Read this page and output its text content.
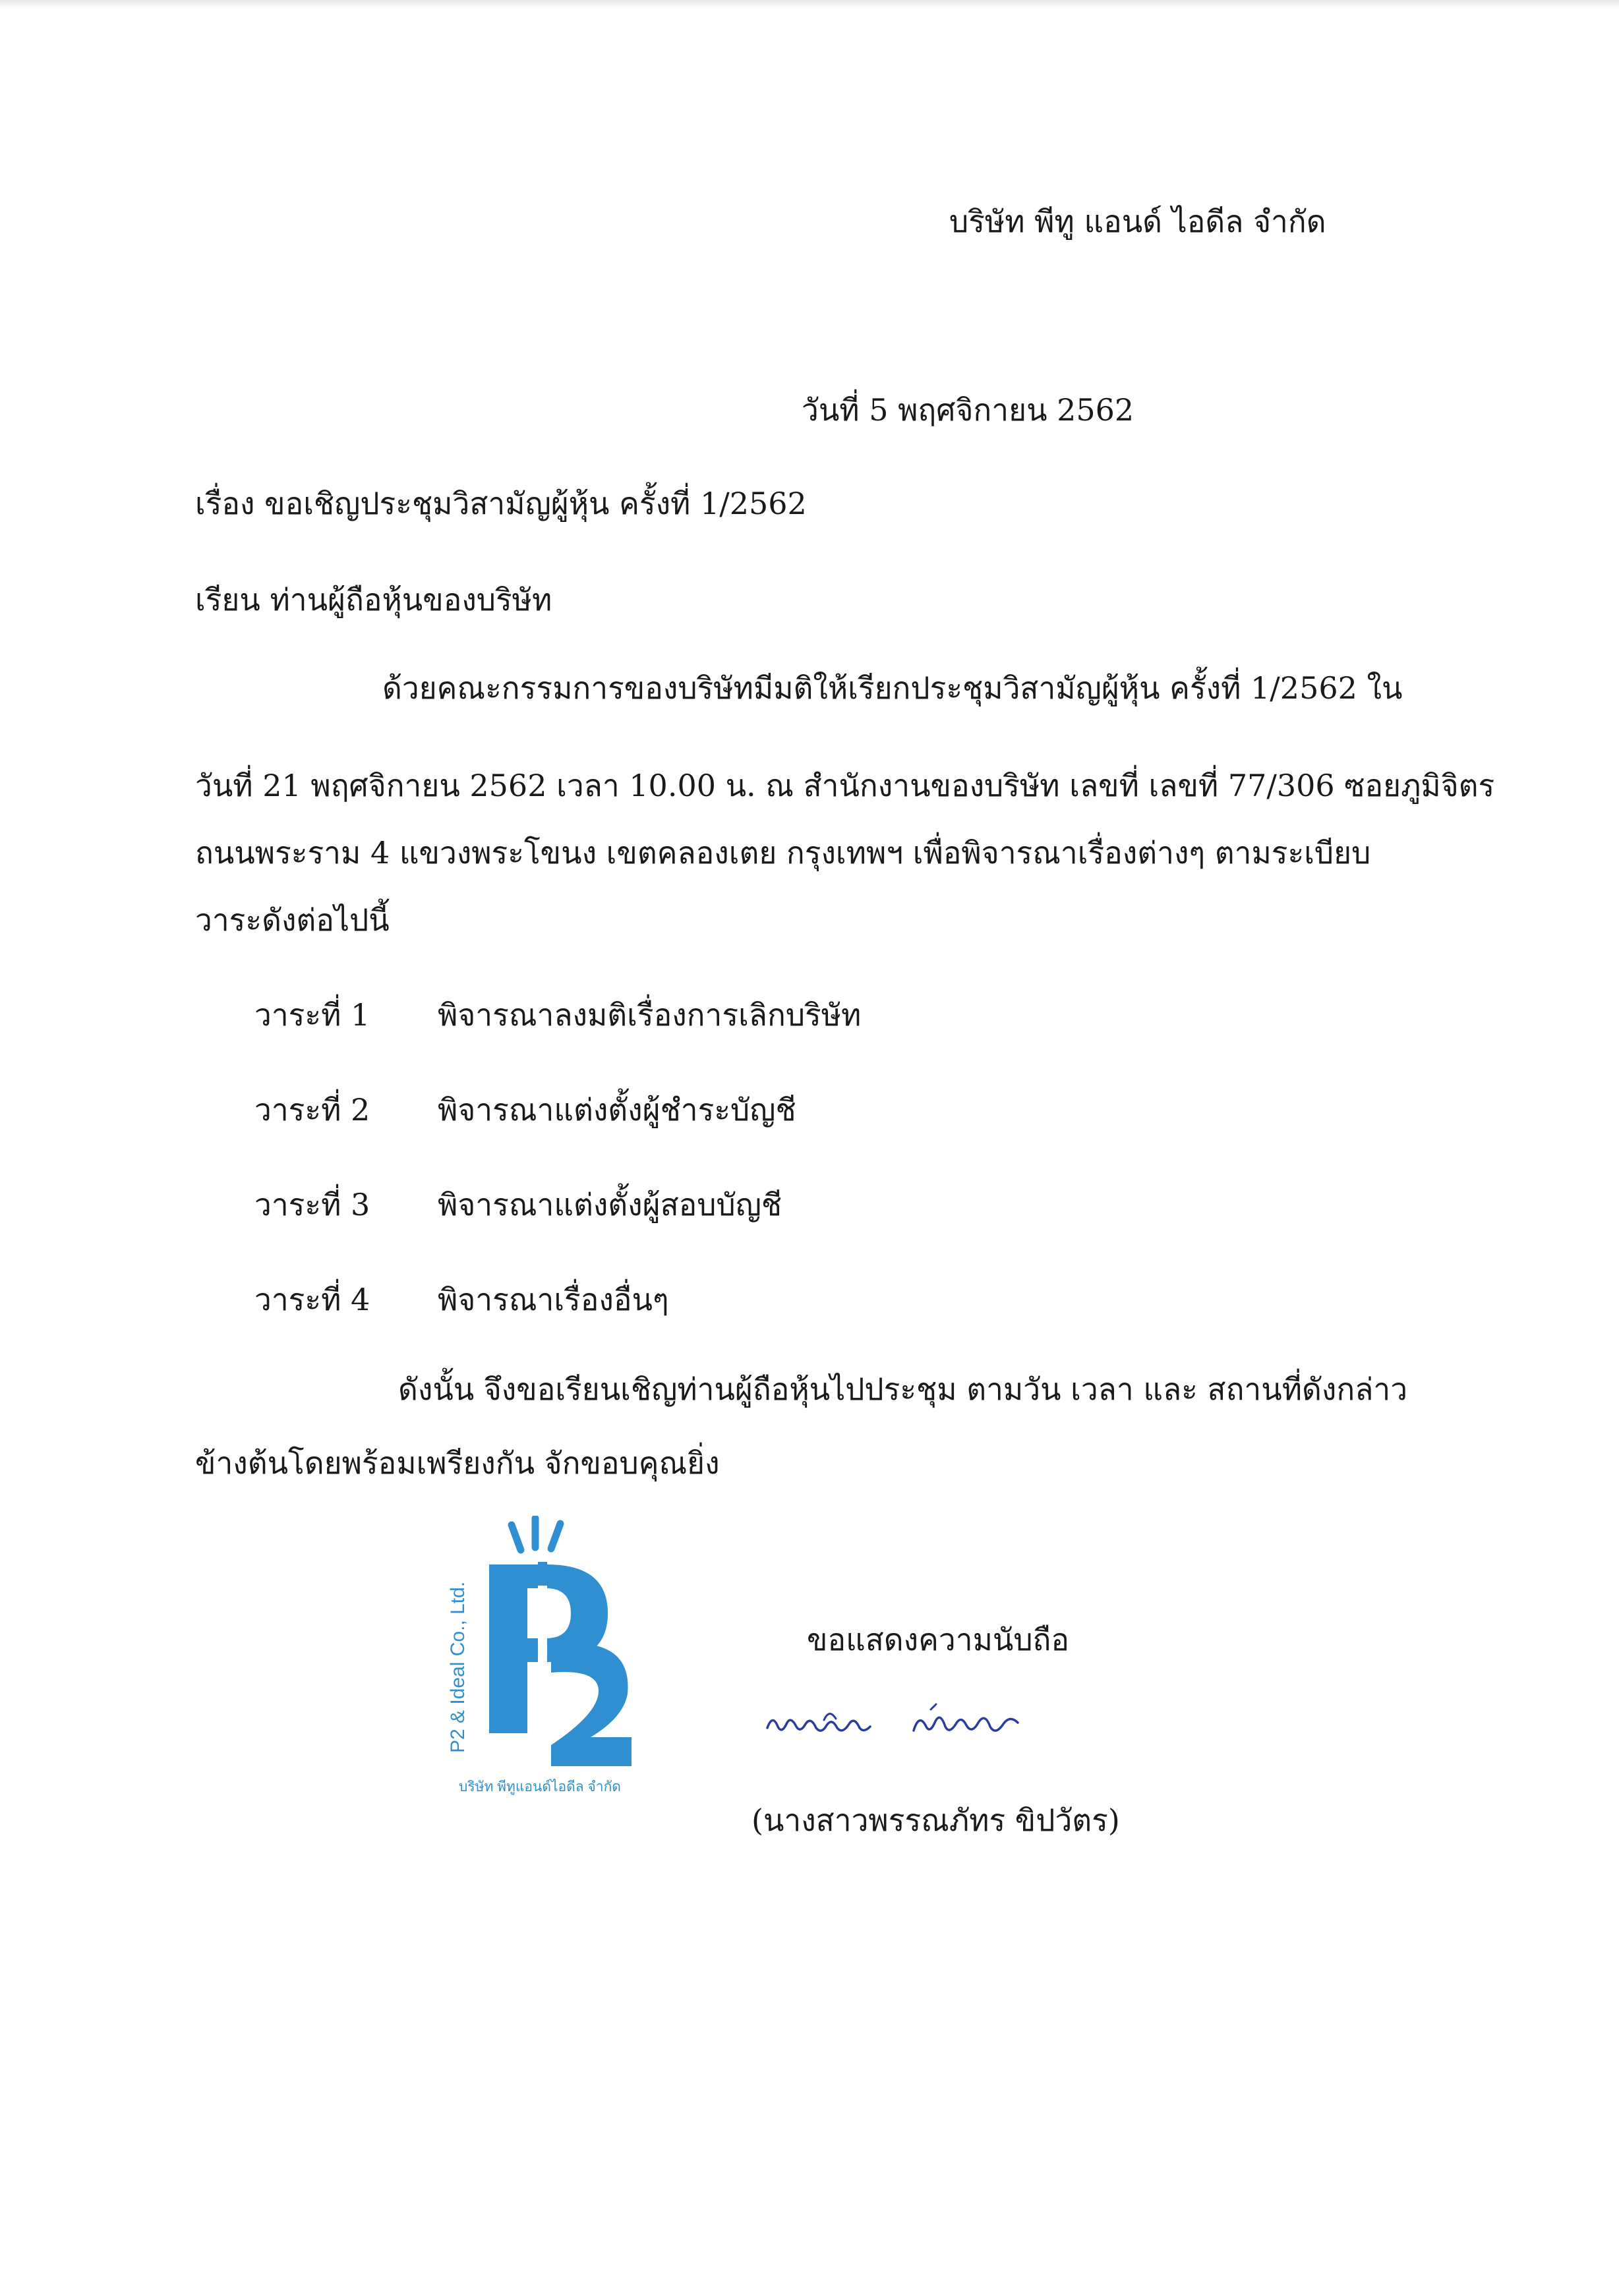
บริษัท พีทู แอนด์ ไอดีล จำกัด
วันที่ 5 พฤศจิกายน 2562
เรื่อง ขอเชิญประชุมวิสามัญผู้หุ้น ครั้งที่ 1/2562
เรียน ท่านผู้ถือหุ้นของบริษัท
ด้วยคณะกรรมการของบริษัทมีมติให้เรียกประชุมวิสามัญผู้หุ้น ครั้งที่ 1/2562 ใน
วันที่ 21 พฤศจิกายน 2562 เวลา 10.00 น. ณ สำนักงานของบริษัท เลขที่ เลขที่ 77/306 ซอยภูมิจิตร
ถนนพระราม 4 แขวงพระโขนง เขตคลองเตย กรุงเทพฯ เพื่อพิจารณาเรื่องต่างๆ ตามระเบียบ
วาระดังต่อไปนี้
วาระที่ 1 พิจารณาลงมติเรื่องการเลิกบริษัท
วาระที่ 2 พิจารณาแต่งตั้งผู้ชำระบัญชี
วาระที่ 3 พิจารณาแต่งตั้งผู้สอบบัญชี
วาระที่ 4 พิจารณาเรื่องอื่นๆ
ดังนั้น จึงขอเรียนเชิญท่านผู้ถือหุ้นไปประชุม ตามวัน เวลา และ สถานที่ดังกล่าว
ข้างต้นโดยพร้อมเพรียงกัน จักขอบคุณยิ่ง
P2 & Ideal Co., Ltd.
บริษัท พีทูแอนด์ไอดีล จำกัด
ขอแสดงความนับถือ
(นางสาวพรรณภัทร ขิปวัตร)
